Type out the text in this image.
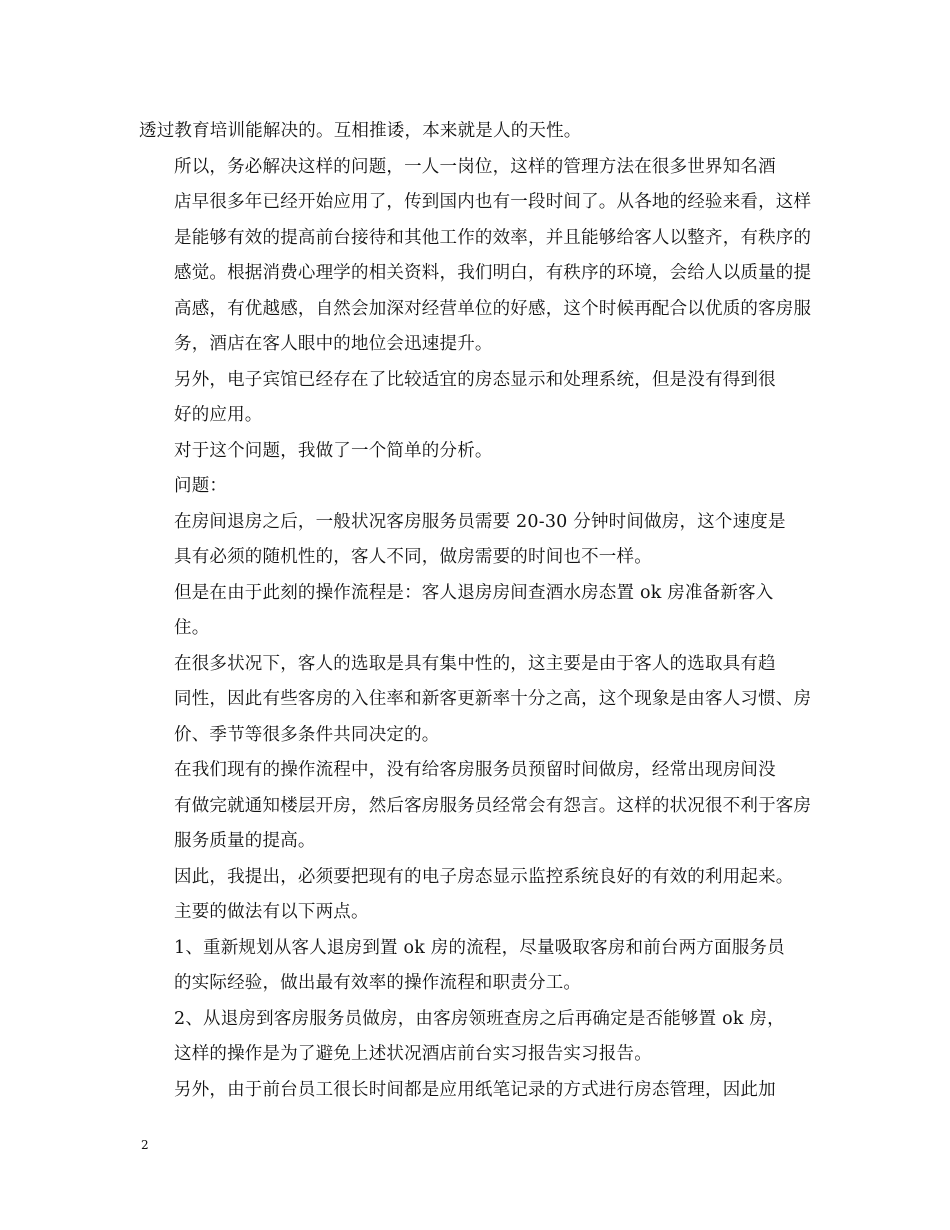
透过教育培训能解决的。互相推诿，本来就是人的天性。

所以，务必解决这样的问题，一人一岗位，这样的管理方法在很多世界知名酒
店早很多年已经开始应用了，传到国内也有一段时间了。从各地的经验来看，这样
是能够有效的提高前台接待和其他工作的效率，并且能够给客人以整齐，有秩序的
感觉。根据消费心理学的相关资料，我们明白，有秩序的环境，会给人以质量的提
高感，有优越感，自然会加深对经营单位的好感，这个时候再配合以优质的客房服
务，酒店在客人眼中的地位会迅速提升。

另外，电子宾馆已经存在了比较适宜的房态显示和处理系统，但是没有得到很
好的应用。

对于这个问题，我做了一个简单的分析。

问题：

在房间退房之后，一般状况客房服务员需要 20-30 分钟时间做房，这个速度是
具有必须的随机性的，客人不同，做房需要的时间也不一样。

但是在由于此刻的操作流程是：客人退房房间查酒水房态置 ok 房准备新客入
住。

在很多状况下，客人的选取是具有集中性的，这主要是由于客人的选取具有趋
同性，因此有些客房的入住率和新客更新率十分之高，这个现象是由客人习惯、房
价、季节等很多条件共同决定的。

在我们现有的操作流程中，没有给客房服务员预留时间做房，经常出现房间没
有做完就通知楼层开房，然后客房服务员经常会有怨言。这样的状况很不利于客房
服务质量的提高。

因此，我提出，必须要把现有的电子房态显示监控系统良好的有效的利用起来。
主要的做法有以下两点。

1、重新规划从客人退房到置 ok 房的流程，尽量吸取客房和前台两方面服务员
的实际经验，做出最有效率的操作流程和职责分工。

2、从退房到客房服务员做房，由客房领班查房之后再确定是否能够置 ok 房，
这样的操作是为了避免上述状况酒店前台实习报告实习报告。

另外，由于前台员工很长时间都是应用纸笔记录的方式进行房态管理，因此加

2
